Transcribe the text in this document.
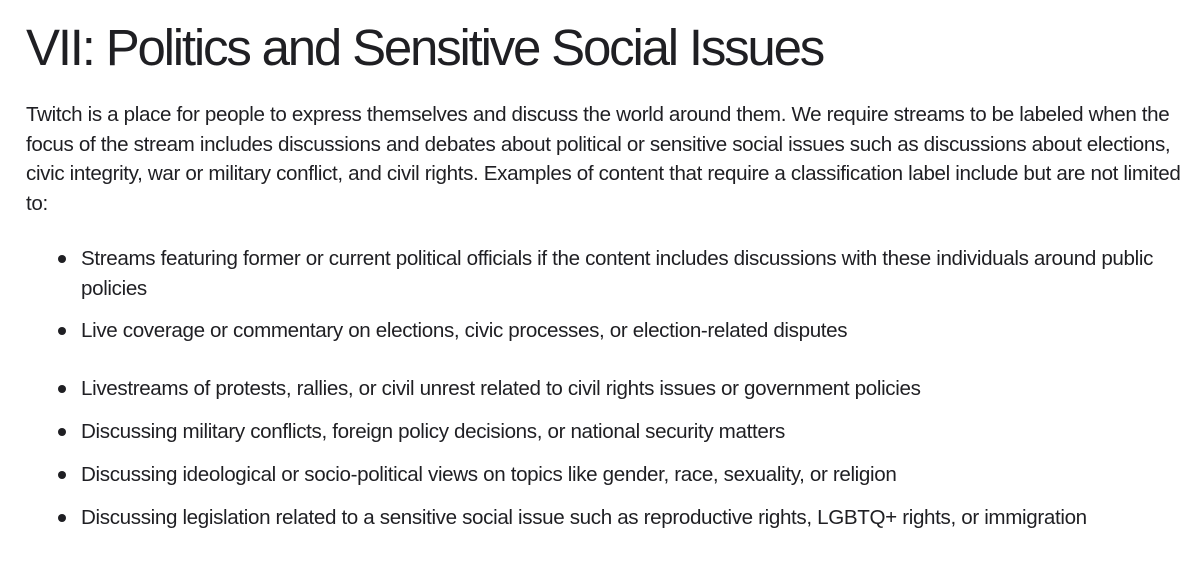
VII: Politics and Sensitive Social Issues

Twitch is a place for people to express themselves and discuss the world around them. We require streams to be labeled when the focus of the stream includes discussions and debates about political or sensitive social issues such as discussions about elections, civic integrity, war or military conflict, and civil rights. Examples of content that require a classification label include but are not limited to:

Streams featuring former or current political officials if the content includes discussions with these individuals around public policies
Live coverage or commentary on elections, civic processes, or election-related disputes
Livestreams of protests, rallies, or civil unrest related to civil rights issues or government policies
Discussing military conflicts, foreign policy decisions, or national security matters
Discussing ideological or socio-political views on topics like gender, race, sexuality, or religion
Discussing legislation related to a sensitive social issue such as reproductive rights, LGBTQ+ rights, or immigration
